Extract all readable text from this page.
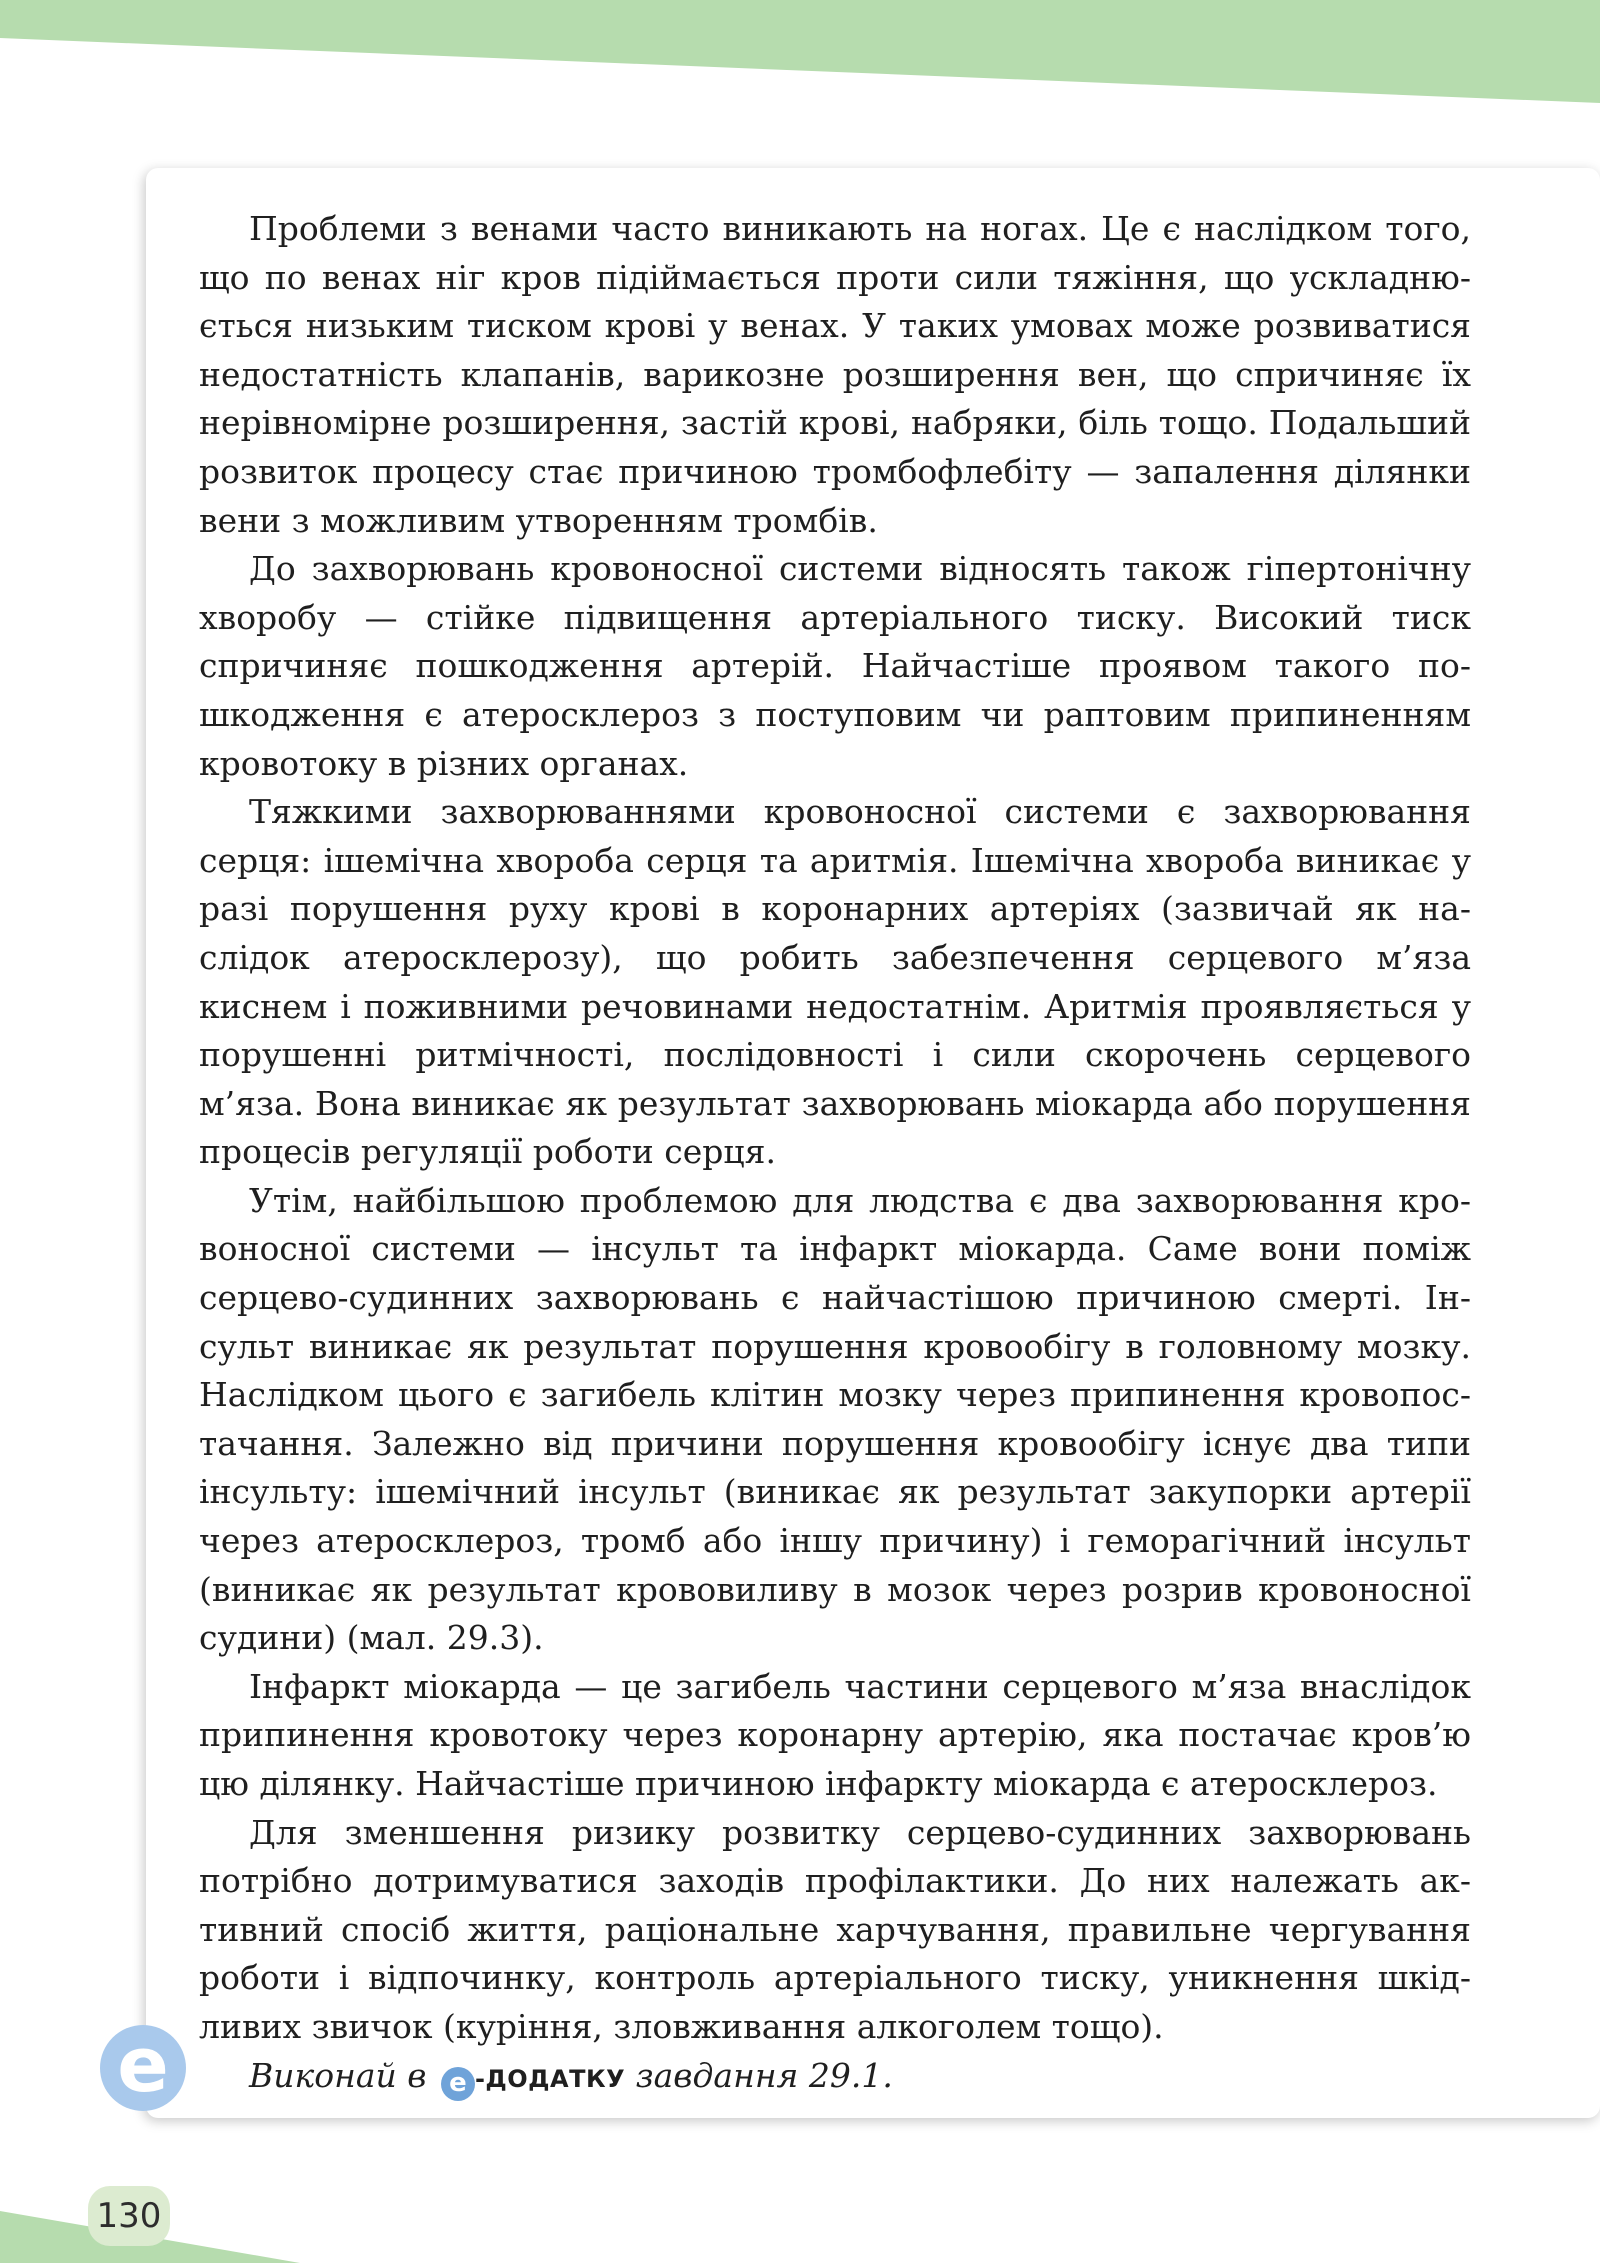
Проблеми з венами часто виникають на ногах. Це є наслідком того, що по венах ніг кров підіймається проти сили тяжіння, що ускладнюється низьким тиском крові у венах. У таких умовах може розвиватися недостатність клапанів, варикозне розширення вен, що спричиняє їх нерівномірне розширення, застій крові, набряки, біль тощо. Подальший розвиток процесу стає причиною тромбофлебіту — запалення ділянки вени з можливим утворенням тромбів.

До захворювань кровоносної системи відносять також гіпертонічну хворобу — стійке підвищення артеріального тиску. Високий тиск спричиняє пошкодження артерій. Найчастіше проявом такого пошкодження є атеросклероз з поступовим чи раптовим припиненням кровотоку в різних органах.

Тяжкими захворюваннями кровоносної системи є захворювання серця: ішемічна хвороба серця та аритмія. Ішемічна хвороба виникає у разі порушення руху крові в коронарних артеріях (зазвичай як наслідок атеросклерозу), що робить забезпечення серцевого м’яза киснем і поживними речовинами недостатнім. Аритмія проявляється у порушенні ритмічності, послідовності і сили скорочень серцевого м’яза. Вона виникає як результат захворювань міокарда або порушення процесів регуляції роботи серця.

Утім, найбільшою проблемою для людства є два захворювання кровоносної системи — інсульт та інфаркт міокарда. Саме вони поміж серцево-судинних захворювань є найчастішою причиною смерті. Інсульт виникає як результат порушення кровообігу в головному мозку. Наслідком цього є загибель клітин мозку через припинення кровопостачання. Залежно від причини порушення кровообігу існує два типи інсульту: ішемічний інсульт (виникає як результат закупорки артерії через атеросклероз, тромб або іншу причину) і геморагічний інсульт (виникає як результат крововиливу в мозок через розрив кровоносної судини) (мал. 29.3).

Інфаркт міокарда — це загибель частини серцевого м’яза внаслідок припинення кровотоку через коронарну артерію, яка постачає кров’ю цю ділянку. Найчастіше причиною інфаркту міокарда є атеросклероз.

Для зменшення ризику розвитку серцево-судинних захворювань потрібно дотримуватися заходів профілактики. До них належать активний спосіб життя, раціональне харчування, правильне чергування роботи і відпочинку, контроль артеріального тиску, уникнення шкідливих звичок (куріння, зловживання алкоголем тощо).

Виконай в е -ДОДАТКУ завдання 29.1.

е
130
